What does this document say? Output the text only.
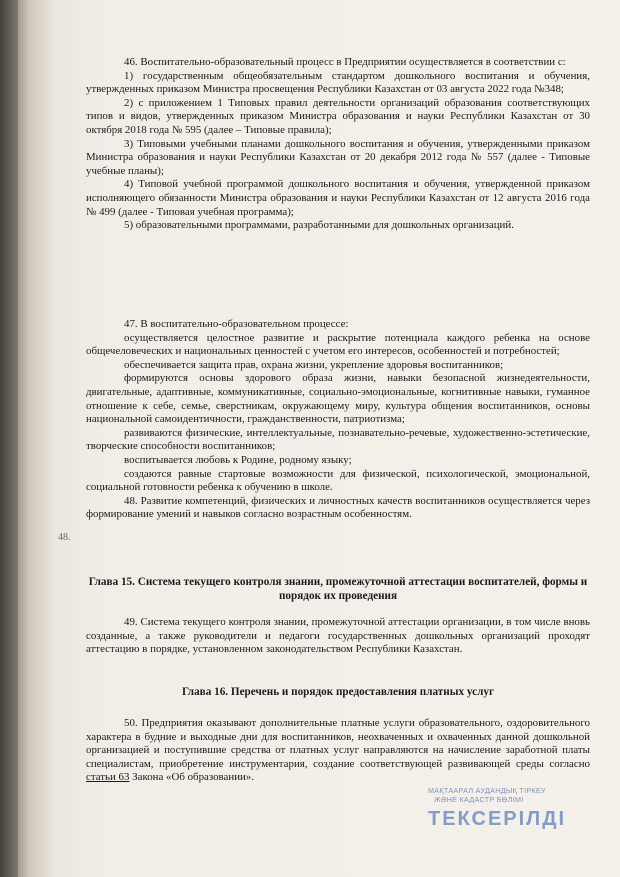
46. Воспитательно-образовательный процесс в Предприятии осуществляется в соответствии с:

1) государственным общеобязательным стандартом дошкольного воспитания и обучения, утвержденных приказом Министра просвещения Республики Казахстан от 03 августа 2022 года №348;

2) с приложением 1 Типовых правил деятельности организаций образования соответствующих типов и видов, утвержденных приказом Министра образования и науки Республики Казахстан от 30 октября 2018 года № 595 (далее – Типовые правила);

3) Типовыми учебными планами дошкольного воспитания и обучения, утвержденными приказом Министра образования и науки Республики Казахстан от 20 декабря 2012 года № 557 (далее - Типовые учебные планы);

4) Типовой учебной программой дошкольного воспитания и обучения, утвержденной приказом исполняющего обязанности Министра образования и науки Республики Казахстан от 12 августа 2016 года № 499 (далее - Типовая учебная программа);

5) образовательными программами, разработанными для дошкольных организаций.

47. В воспитательно-образовательном процессе:

осуществляется целостное развитие и раскрытие потенциала каждого ребенка на основе общечеловеческих и национальных ценностей с учетом его интересов, особенностей и потребностей;

обеспечивается защита прав, охрана жизни, укрепление здоровья воспитанников;

формируются основы здорового образа жизни, навыки безопасной жизнедеятельности, двигательные, адаптивные, коммуникативные, социально-эмоциональные, когнитивные навыки, гуманное отношение к себе, семье, сверстникам, окружающему миру, культура общения воспитанников, основы национальной самоидентичности, гражданственности, патриотизма;

развиваются физические, интеллектуальные, познавательно-речевые, художественно-эстетические, творческие способности воспитанников;

воспитывается любовь к Родине, родному языку;

создаются равные стартовые возможности для физической, психологической, эмоциональной, социальной готовности ребенка к обучению в школе.

48. Развитие компетенций, физических и личностных качеств воспитанников осуществляется через формирование умений и навыков согласно возрастным особенностям.

48.
Глава 15. Система текущего контроля знании, промежуточной аттестации воспитателей, формы и порядок их проведения

49. Система текущего контроля знании, промежуточной аттестации организации, в том числе вновь созданные, а также руководители и педагоги государственных дошкольных организаций проходят аттестацию в порядке, установленном законодательством Республики Казахстан.

Глава 16. Перечень и порядок предоставления платных услуг

50. Предприятия оказывают дополнительные платные услуги образовательного, оздоровительного характера в будние и выходные дни для воспитанников, неохваченных и охваченных данной дошкольной организацией и поступившие средства от платных услуг направляются на начисление заработной платы специалистам, приобретение инструментария, создание соответствующей развивающей среды согласно статьи 63 Закона «Об образовании».

МАҚТААРАЛ АУДАНДЫҚ ТІРКЕУ
ЖӘНЕ КАДАСТР БӨЛІМІ
ТЕКСЕРІЛДІ
